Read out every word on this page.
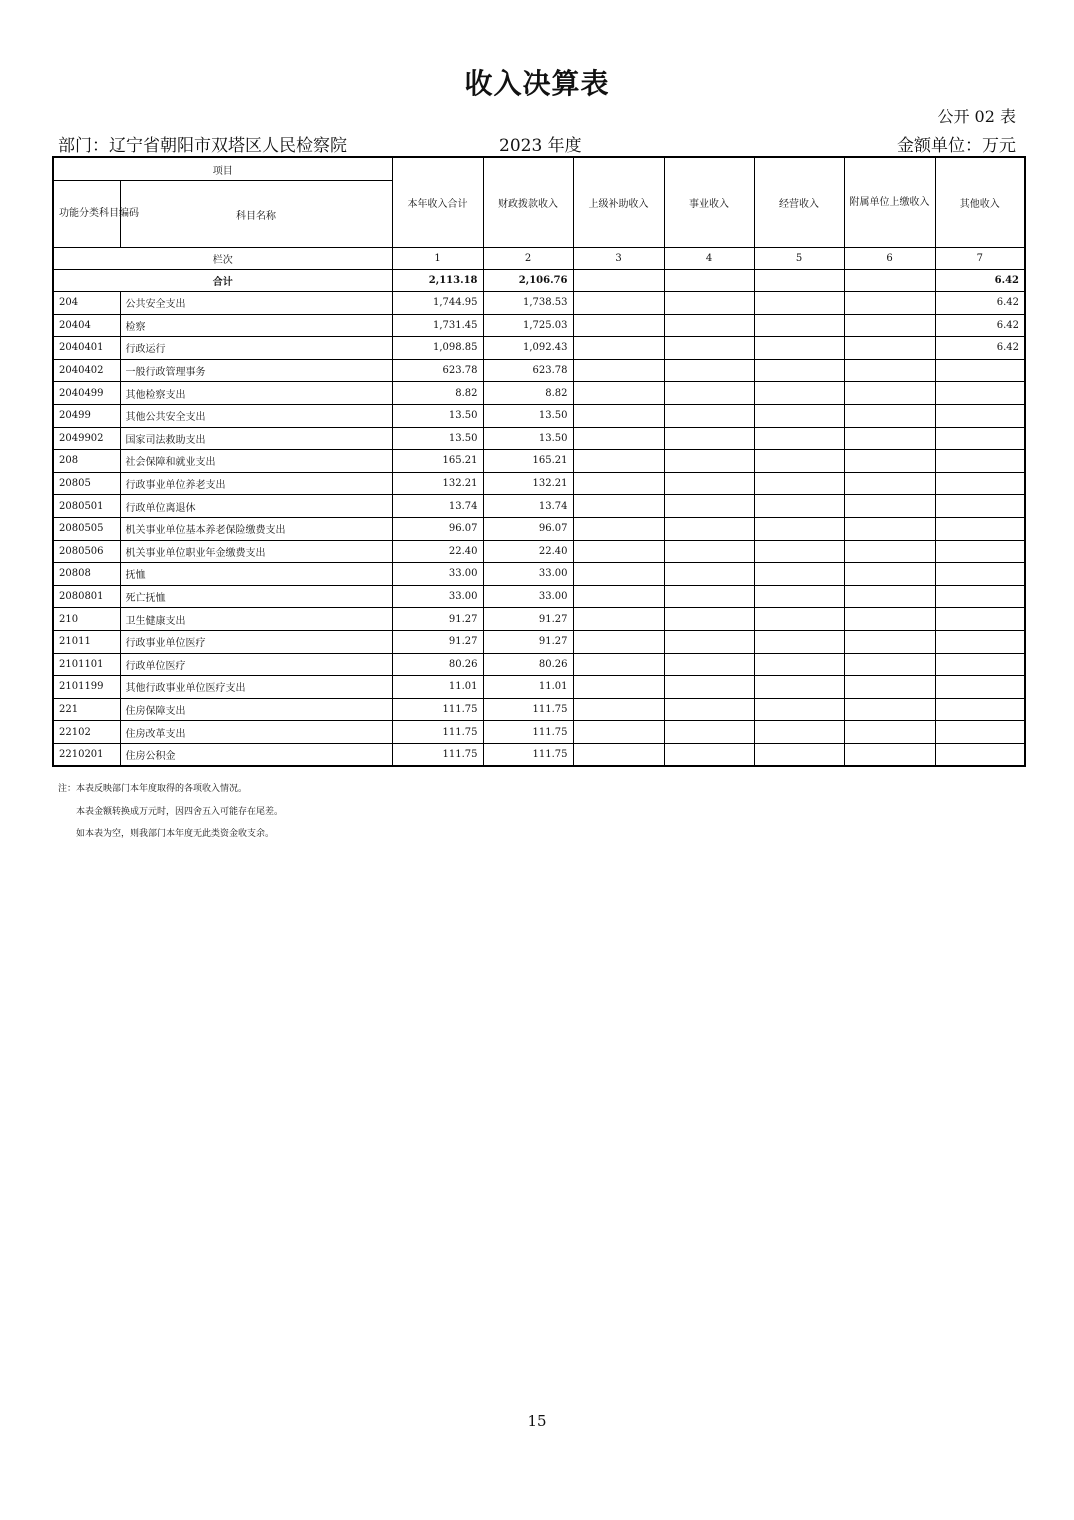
收入决算表
公开 02 表
部门：辽宁省朝阳市双塔区人民检察院	2023 年度	金额单位：万元
项目		本年收入合计	财政拨款收入	上级补助收入	事业收入	经营收入	附属单位上缴收入	其他收入
功能分类科目编码	科目名称							
栏次		1	2	3	4	5	6	7
合计		2,113.18	2,106.76					6.42
204	公共安全支出	1,744.95	1,738.53					6.42
20404	检察	1,731.45	1,725.03					6.42
2040401	行政运行	1,098.85	1,092.43					6.42
2040402	一般行政管理事务	623.78	623.78					
2040499	其他检察支出	8.82	8.82					
20499	其他公共安全支出	13.50	13.50					
2049902	国家司法救助支出	13.50	13.50					
208	社会保障和就业支出	165.21	165.21					
20805	行政事业单位养老支出	132.21	132.21					
2080501	行政单位离退休	13.74	13.74					
2080505	机关事业单位基本养老保险缴费支出	96.07	96.07					
2080506	机关事业单位职业年金缴费支出	22.40	22.40					
20808	抚恤	33.00	33.00					
2080801	死亡抚恤	33.00	33.00					
210	卫生健康支出	91.27	91.27					
21011	行政事业单位医疗	91.27	91.27					
2101101	行政单位医疗	80.26	80.26					
2101199	其他行政事业单位医疗支出	11.01	11.01					
221	住房保障支出	111.75	111.75					
22102	住房改革支出	111.75	111.75					
2210201	住房公积金	111.75	111.75					
注：本表反映部门本年度取得的各项收入情况。
本表金额转换成万元时，因四舍五入可能存在尾差。
如本表为空，则我部门本年度无此类资金收支余。
15
